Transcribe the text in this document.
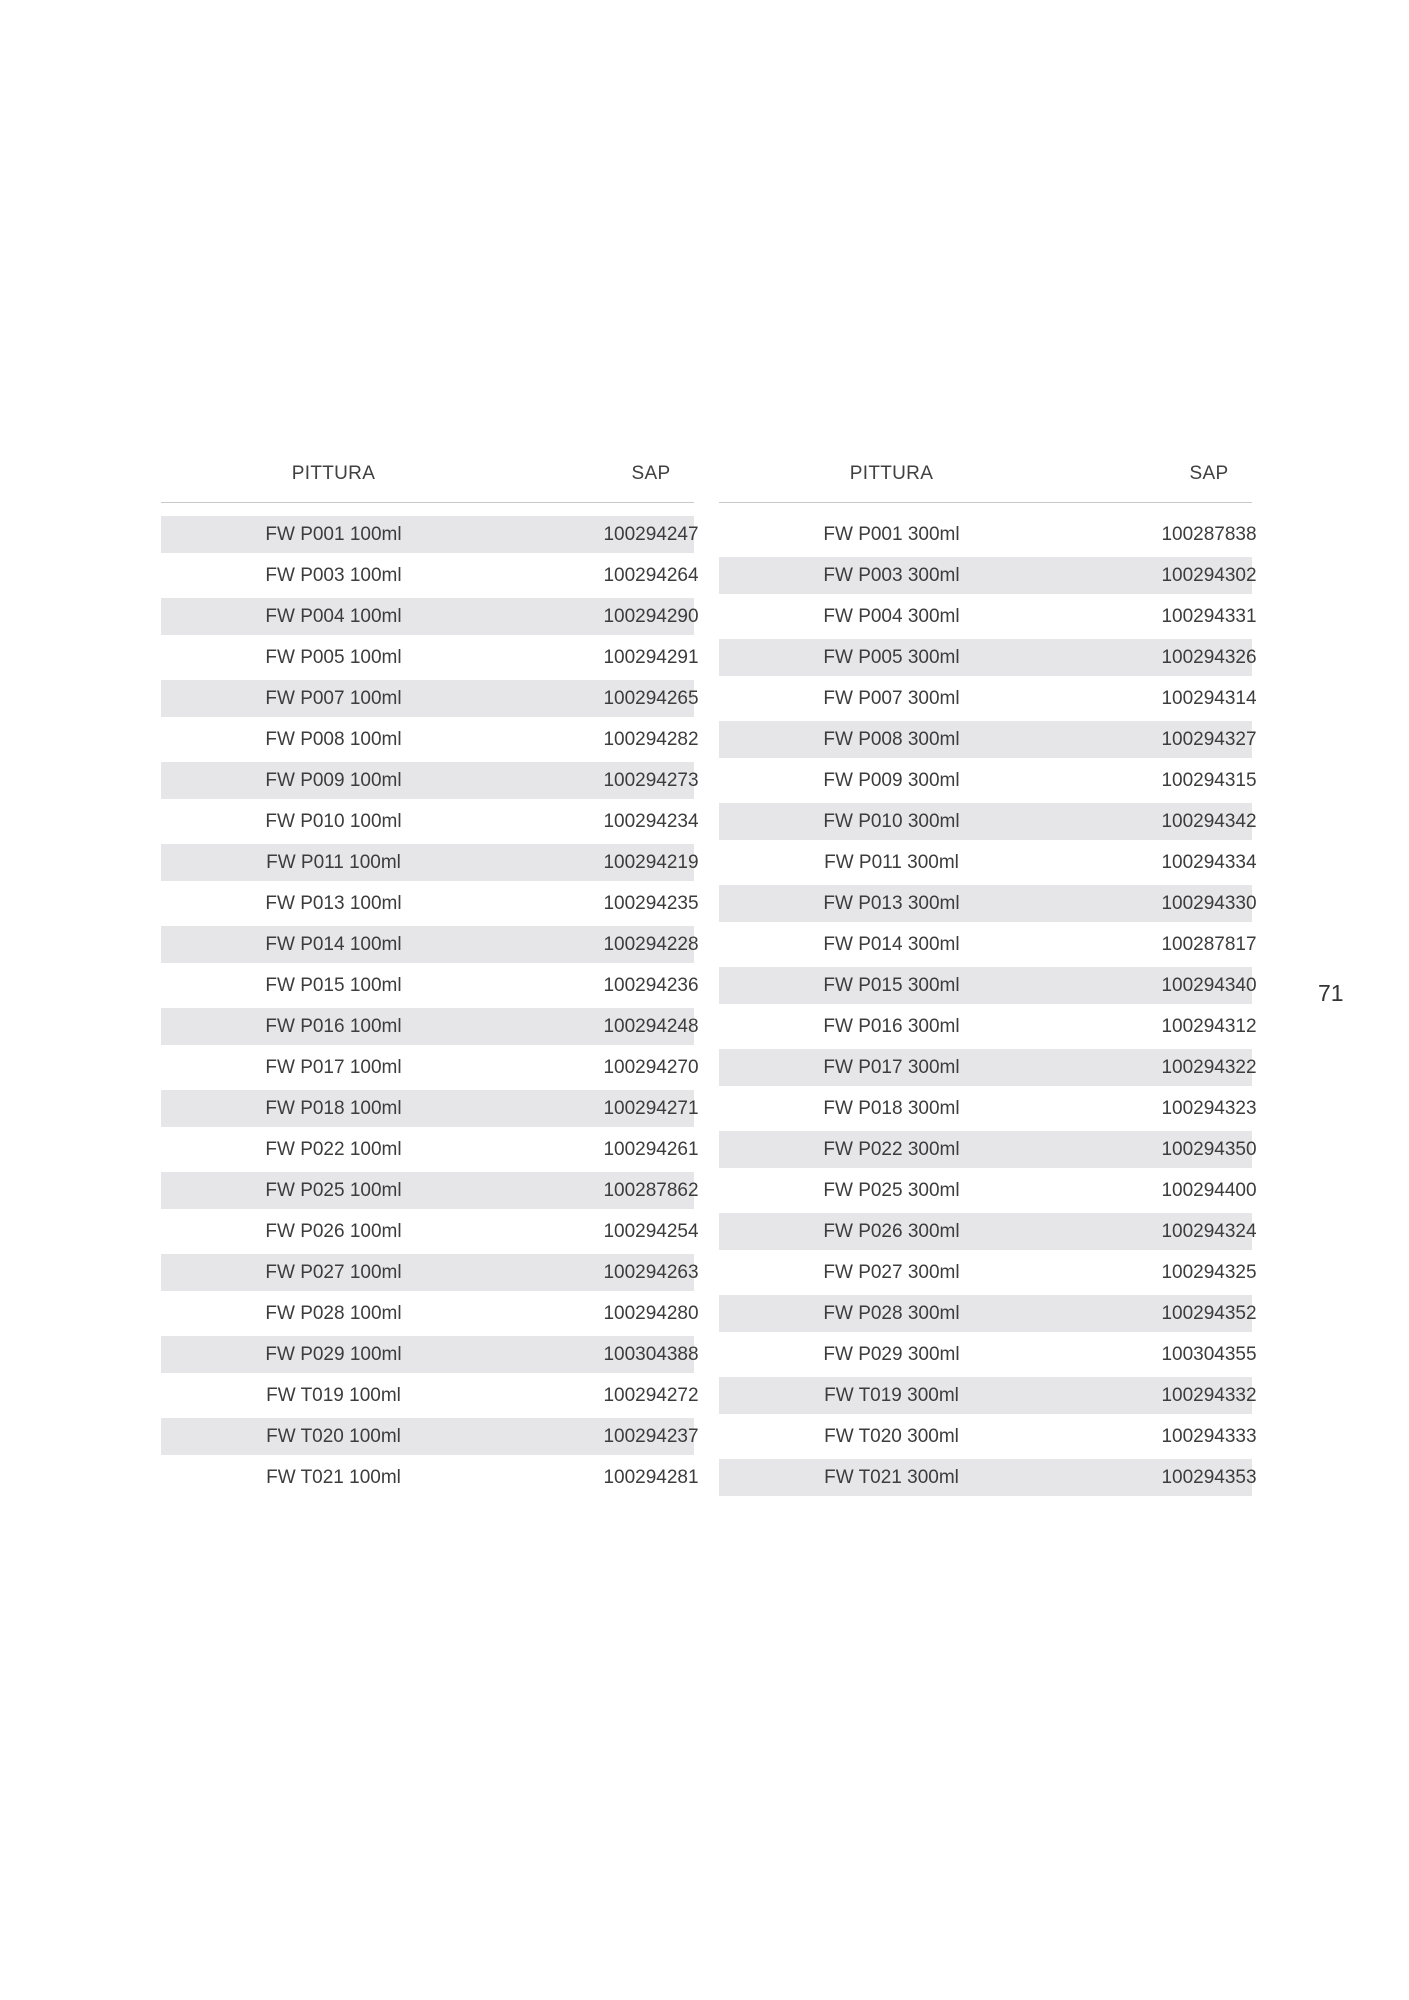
PITTURA	SAP
FW P001 100ml	100294247
FW P003 100ml	100294264
FW P004 100ml	100294290
FW P005 100ml	100294291
FW P007 100ml	100294265
FW P008 100ml	100294282
FW P009 100ml	100294273
FW P010 100ml	100294234
FW P011 100ml	100294219
FW P013 100ml	100294235
FW P014 100ml	100294228
FW P015 100ml	100294236
FW P016 100ml	100294248
FW P017 100ml	100294270
FW P018 100ml	100294271
FW P022 100ml	100294261
FW P025 100ml	100287862
FW P026 100ml	100294254
FW P027 100ml	100294263
FW P028 100ml	100294280
FW P029 100ml	100304388
FW T019 100ml	100294272
FW T020 100ml	100294237
FW T021 100ml	100294281
PITTURA	SAP
FW P001 300ml	100287838
FW P003 300ml	100294302
FW P004 300ml	100294331
FW P005 300ml	100294326
FW P007 300ml	100294314
FW P008 300ml	100294327
FW P009 300ml	100294315
FW P010 300ml	100294342
FW P011 300ml	100294334
FW P013 300ml	100294330
FW P014 300ml	100287817
FW P015 300ml	100294340
FW P016 300ml	100294312
FW P017 300ml	100294322
FW P018 300ml	100294323
FW P022 300ml	100294350
FW P025 300ml	100294400
FW P026 300ml	100294324
FW P027 300ml	100294325
FW P028 300ml	100294352
FW P029 300ml	100304355
FW T019 300ml	100294332
FW T020 300ml	100294333
FW T021 300ml	100294353
71
